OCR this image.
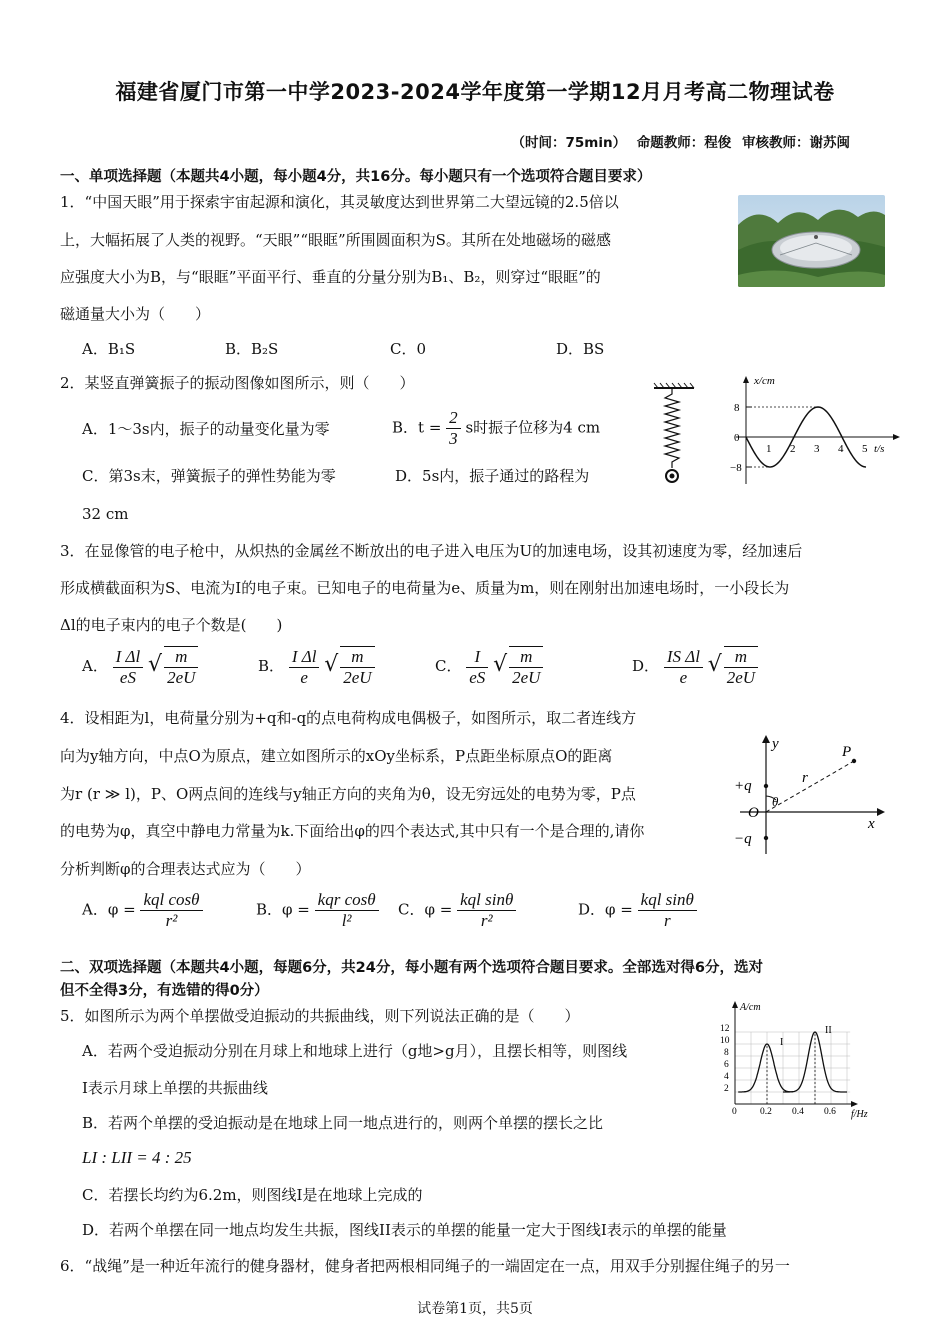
福建省厦门市第一中学2023-2024学年度第一学期12月月考高二物理试卷
（时间：75min） 命题教师：程俊 审核教师：谢苏闽
一、单项选择题（本题共4小题，每小题4分，共16分。每小题只有一个选项符合题目要求）
1．“中国天眼”用于探索宇宙起源和演化，其灵敏度达到世界第二大望远镜的2.5倍以
上，大幅拓展了人类的视野。“天眼”“眼眶”所围圆面积为S。其所在处地磁场的磁感
应强度大小为B，与“眼眶”平面平行、垂直的分量分别为B₁、B₂，则穿过“眼眶”的
磁通量大小为（　　）
A．B₁S	B．B₂S	C．0	D．BS
2．某竖直弹簧振子的振动图像如图所示，则（　　）
A．1～3s内，振子的动量变化量为零	B．$t = \frac{2}{3}$ s时振子位移为4 cm
C．第3s末，弹簧振子的弹性势能为零	D．5s内，振子通过的路程为
32 cm
x/cm
t/s
8
0
−8
1 2 3 4 5
3．在显像管的电子枪中，从炽热的金属丝不断放出的电子进入电压为U的加速电场，设其初速度为零，经加速后
形成横截面积为S、电流为I的电子束。已知电子的电荷量为e、质量为m，则在刚射出加速电场时，一小段长为
Δl的电子束内的电子个数是(　　)
A． $\frac{\text{I Δl}}{eS}$ √ $\frac{m}{2eU}$	B． $\frac{\text{I Δl}}{e}$ √ $\frac{m}{2eU}$	C． $\frac{I}{eS}$ √ $\frac{m}{2eU}$	D． $\frac{\text{IS Δl}}{e}$ √ $\frac{m}{2eU}$
4．设相距为l，电荷量分别为+q和-q的点电荷构成电偶极子，如图所示，取二者连线方
向为y轴方向，中点O为原点，建立如图所示的xOy坐标系，P点距坐标原点O的距离
为r (r ≫ l)，P、O两点间的连线与y轴正方向的夹角为θ，设无穷远处的电势为零，P点
的电势为φ，真空中静电力常量为k.下面给出φ的四个表达式,其中只有一个是合理的,请你
分析判断φ的合理表达式应为（　　）
A．$\varphi = \frac{\text{kql cosθ}}{\text{r²}}$	B．$\varphi = \frac{\text{kqr cosθ}}{\text{l²}}$ C．$\varphi = \frac{\text{kql sinθ}}{\text{r²}}$	D．$\varphi = \frac{\text{kql sinθ}}{r}$
y
x
P
r
θ
O
+q
−q
二、双项选择题（本题共4小题，每题6分，共24分，每小题有两个选项符合题目要求。全部选对得6分，选对
但不全得3分，有选错的得0分）
5．如图所示为两个单摆做受迫振动的共振曲线，则下列说法正确的是（　　）
A．若两个受迫振动分别在月球上和地球上进行（g地>g月），且摆长相等，则图线
I表示月球上单摆的共振曲线
B．若两个单摆的受迫振动是在地球上同一地点进行的，则两个单摆的摆长之比
LI : LII = 4 : 25
C．若摆长均约为6.2m，则图线I是在地球上完成的
D．若两个单摆在同一地点均发生共振，图线II表示的单摆的能量一定大于图线I表示的单摆的能量
A/cm
f/Hz
12
10
8
6
4
2
0 0.2 0.4 0.6
I
II
6．“战绳”是一种近年流行的健身器材，健身者把两根相同绳子的一端固定在一点，用双手分别握住绳子的另一
试卷第1页，共5页
